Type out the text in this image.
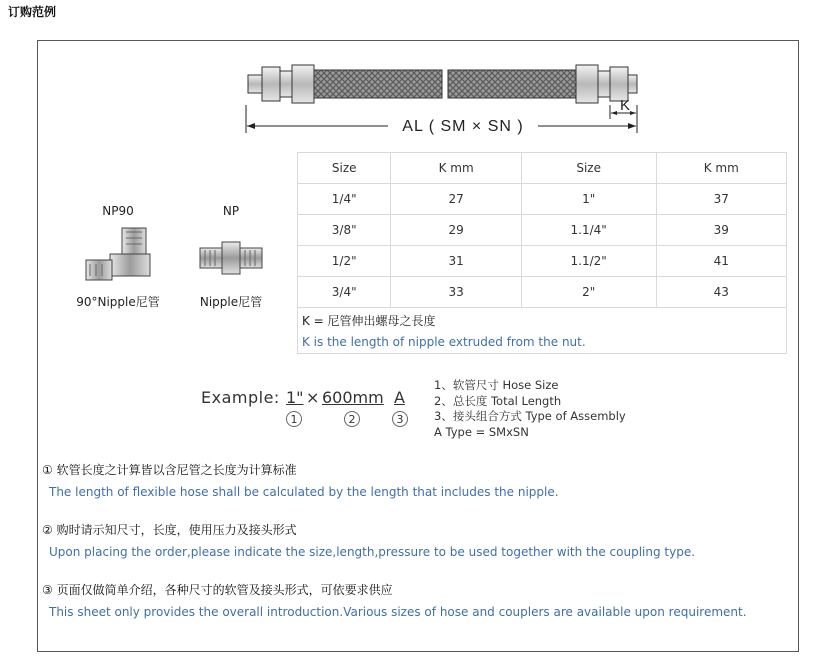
订购范例
AL ( SM × SN )
K
NP90
90°Nipple尼管
NP
Nipple尼管
Size	K mm	Size	K mm
1/4"	27	1"	37
3/8"	29	1.1/4"	39
1/2"	31	1.1/2"	41
3/4"	33	2"	43

K = 尼管伸出螺母之長度
K is the length of nipple extruded from the nut.			
Example: 1" × 600mm A
1	2	3
1、软管尺寸 Hose Size
2、总长度 Total Length
3、接头组合方式 Type of Assembly
A Type = SMxSN
① 软管长度之计算皆以含尼管之长度为计算标准
The length of flexible hose shall be calculated by the length that includes the nipple.
② 购时请示知尺寸，长度，使用压力及接头形式
Upon placing the order,please indicate the size,length,pressure to be used together with the coupling type.
③ 页面仅做简单介绍，各种尺寸的软管及接头形式，可依要求供应
This sheet only provides the overall introduction.Various sizes of hose and couplers are available upon requirement.
